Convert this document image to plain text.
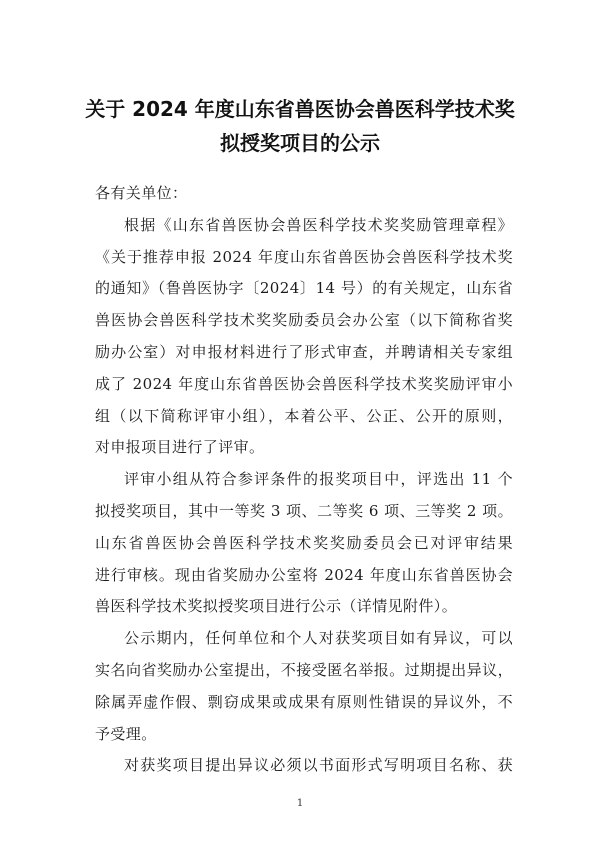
关于 2024 年度山东省兽医协会兽医科学技术奖
拟授奖项目的公示
各有关单位：
根据《山东省兽医协会兽医科学技术奖奖励管理章程》
《关于推荐申报 2024 年度山东省兽医协会兽医科学技术奖
的通知》（鲁兽医协字〔2024〕14 号）的有关规定，山东省
兽医协会兽医科学技术奖奖励委员会办公室（以下简称省奖
励办公室）对申报材料进行了形式审查，并聘请相关专家组
成了 2024 年度山东省兽医协会兽医科学技术奖奖励评审小
组（以下简称评审小组），本着公平、公正、公开的原则，
对申报项目进行了评审。
评审小组从符合参评条件的报奖项目中，评选出 11 个
拟授奖项目，其中一等奖 3 项、二等奖 6 项、三等奖 2 项。
山东省兽医协会兽医科学技术奖奖励委员会已对评审结果
进行审核。现由省奖励办公室将 2024 年度山东省兽医协会
兽医科学技术奖拟授奖项目进行公示（详情见附件）。
公示期内，任何单位和个人对获奖项目如有异议，可以
实名向省奖励办公室提出，不接受匿名举报。过期提出异议，
除属弄虚作假、剽窃成果或成果有原则性错误的异议外，不
予受理。
对获奖项目提出异议必须以书面形式写明项目名称、获
1
